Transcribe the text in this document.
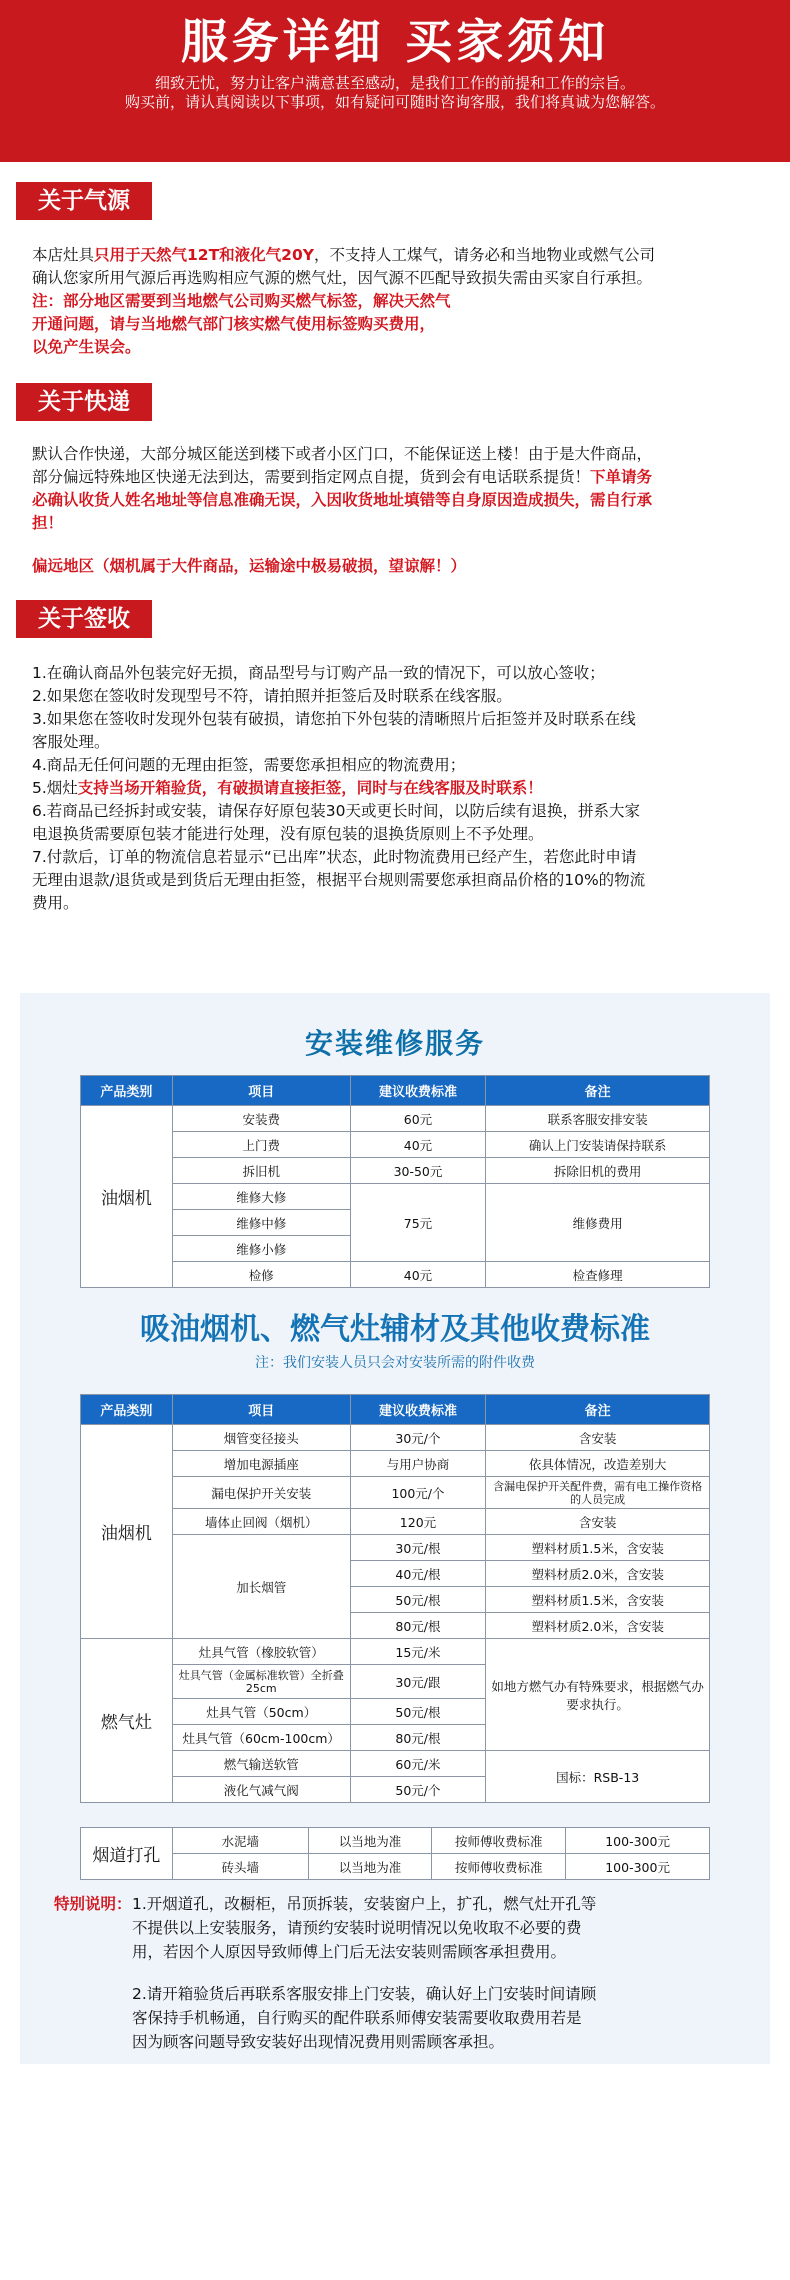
服务详细 买家须知

细致无忧，努力让客户满意甚至感动，是我们工作的前提和工作的宗旨。

购买前，请认真阅读以下事项，如有疑问可随时咨询客服，我们将真诚为您解答。

关于气源
本店灶具只用于天然气12T和液化气20Y，不支持人工煤气，请务必和当地物业或燃气公司
确认您家所用气源后再选购相应气源的燃气灶，因气源不匹配导致损失需由买家自行承担。
注：部分地区需要到当地燃气公司购买燃气标签，解决天然气
开通问题，请与当地燃气部门核实燃气使用标签购买费用，
以免产生误会。
关于快递
默认合作快递，大部分城区能送到楼下或者小区门口，不能保证送上楼！由于是大件商品，
部分偏远特殊地区快递无法到达，需要到指定网点自提，货到会有电话联系提货！下单请务
必确认收货人姓名地址等信息准确无误，入因收货地址填错等自身原因造成损失，需自行承
担！
偏远地区（烟机属于大件商品，运输途中极易破损，望谅解！）
关于签收
1.在确认商品外包装完好无损，商品型号与订购产品一致的情况下，可以放心签收；
2.如果您在签收时发现型号不符，请拍照并拒签后及时联系在线客服。
3.如果您在签收时发现外包装有破损，请您拍下外包装的清晰照片后拒签并及时联系在线
客服处理。
4.商品无任何问题的无理由拒签，需要您承担相应的物流费用；
5.烟灶支持当场开箱验货，有破损请直接拒签，同时与在线客服及时联系！
6.若商品已经拆封或安装，请保存好原包装30天或更长时间，以防后续有退换，拼系大家
电退换货需要原包装才能进行处理，没有原包装的退换货原则上不予处理。
7.付款后，订单的物流信息若显示“已出库”状态，此时物流费用已经产生，若您此时申请
无理由退款/退货或是到货后无理由拒签，根据平台规则需要您承担商品价格的10%的物流
费用。
安装维修服务
产品类别	项目	建议收费标准	备注
油烟机	安装费	60元	联系客服安排安装
	上门费	40元	确认上门安装请保持联系
	拆旧机	30-50元	拆除旧机的费用
	维修大修	75元	维修费用
	维修中修		
	维修小修		
	检修	40元	检查修理
吸油烟机、燃气灶辅材及其他收费标准
注：我们安装人员只会对安装所需的附件收费
产品类别	项目	建议收费标准	备注
油烟机	烟管变径接头	30元/个	含安装
	增加电源插座	与用户协商	依具体情况，改造差别大
	漏电保护开关安装	100元/个	含漏电保护开关配件费，需有电工操作资格的人员完成
	墙体止回阀（烟机）	120元	含安装
	加长烟管	30元/根	塑料材质1.5米，含安装
		40元/根	塑料材质2.0米，含安装
		50元/根	塑料材质1.5米，含安装
		80元/根	塑料材质2.0米，含安装
燃气灶	灶具气管（橡胶软管）	15元/米	如地方燃气办有特殊要求，根据燃气办要求执行。
	灶具气管（金属标准软管）全折叠25cm	30元/跟	
	灶具气管（50cm）	50元/根	
	灶具气管（60cm-100cm）	80元/根	
	燃气输送软管	60元/米	国标：RSB-13
	液化气减气阀	50元/个	
烟道打孔	水泥墙	以当地为准	按师傅收费标准	100-300元
	砖头墙	以当地为准	按师傅收费标准	100-300元
特别说明： 1.开烟道孔，改橱柜，吊顶拆装，安装窗户上，扩孔，燃气灶开孔等
不提供以上安装服务，请预约安装时说明情况以免收取不必要的费
用，若因个人原因导致师傅上门后无法安装则需顾客承担费用。
2.请开箱验货后再联系客服安排上门安装，确认好上门安装时间请顾
客保持手机畅通，自行购买的配件联系师傅安装需要收取费用若是
因为顾客问题导致安装好出现情况费用则需顾客承担。
